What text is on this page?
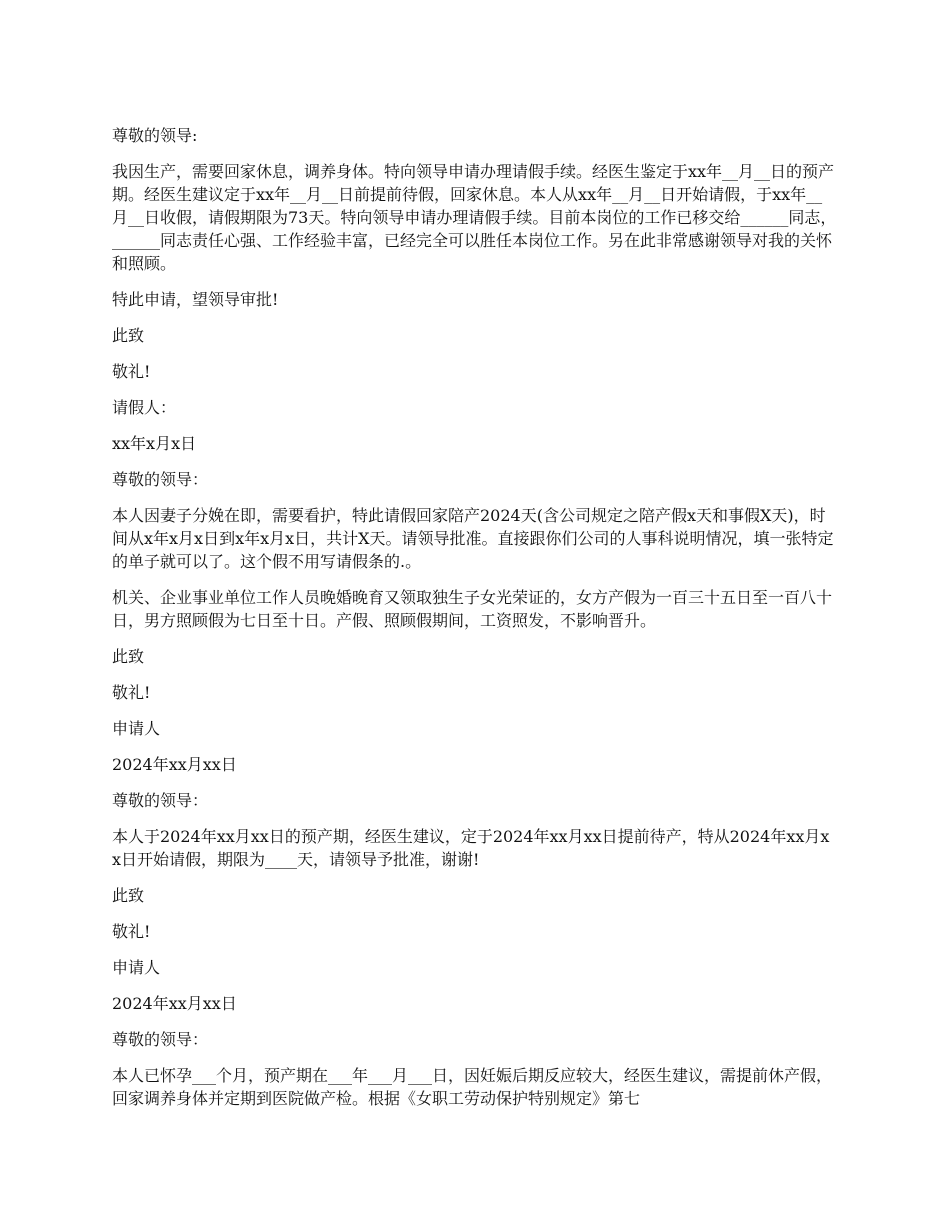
尊敬的领导:

我因生产，需要回家休息，调养身体。特向领导申请办理请假手续。经医生鉴定于xx年__月__日的预产期。经医生建议定于xx年__月__日前提前待假，回家休息。本人从xx年__月__日开始请假，于xx年__月__日收假，请假期限为73天。特向领导申请办理请假手续。目前本岗位的工作已移交给______同志，______同志责任心强、工作经验丰富，已经完全可以胜任本岗位工作。另在此非常感谢领导对我的关怀和照顾。

特此申请，望领导审批!

此致

敬礼!

请假人：

xx年x月x日

尊敬的领导：

本人因妻子分娩在即，需要看护，特此请假回家陪产2024天(含公司规定之陪产假x天和事假X天)，时间从x年x月x日到x年x月x日，共计X天。请领导批准。直接跟你们公司的人事科说明情况，填一张特定的单子就可以了。这个假不用写请假条的.。

机关、企业事业单位工作人员晚婚晚育又领取独生子女光荣证的，女方产假为一百三十五日至一百八十日，男方照顾假为七日至十日。产假、照顾假期间，工资照发，不影响晋升。

此致

敬礼!

申请人

2024年xx月xx日

尊敬的领导：

本人于2024年xx月xx日的预产期，经医生建议，定于2024年xx月xx日提前待产，特从2024年xx月xx日开始请假，期限为____天，请领导予批准，谢谢!

此致

敬礼!

申请人

2024年xx月xx日

尊敬的领导：

本人已怀孕___个月，预产期在___年___月___日，因妊娠后期反应较大，经医生建议，需提前休产假，回家调养身体并定期到医院做产检。根据《女职工劳动保护特别规定》第七
